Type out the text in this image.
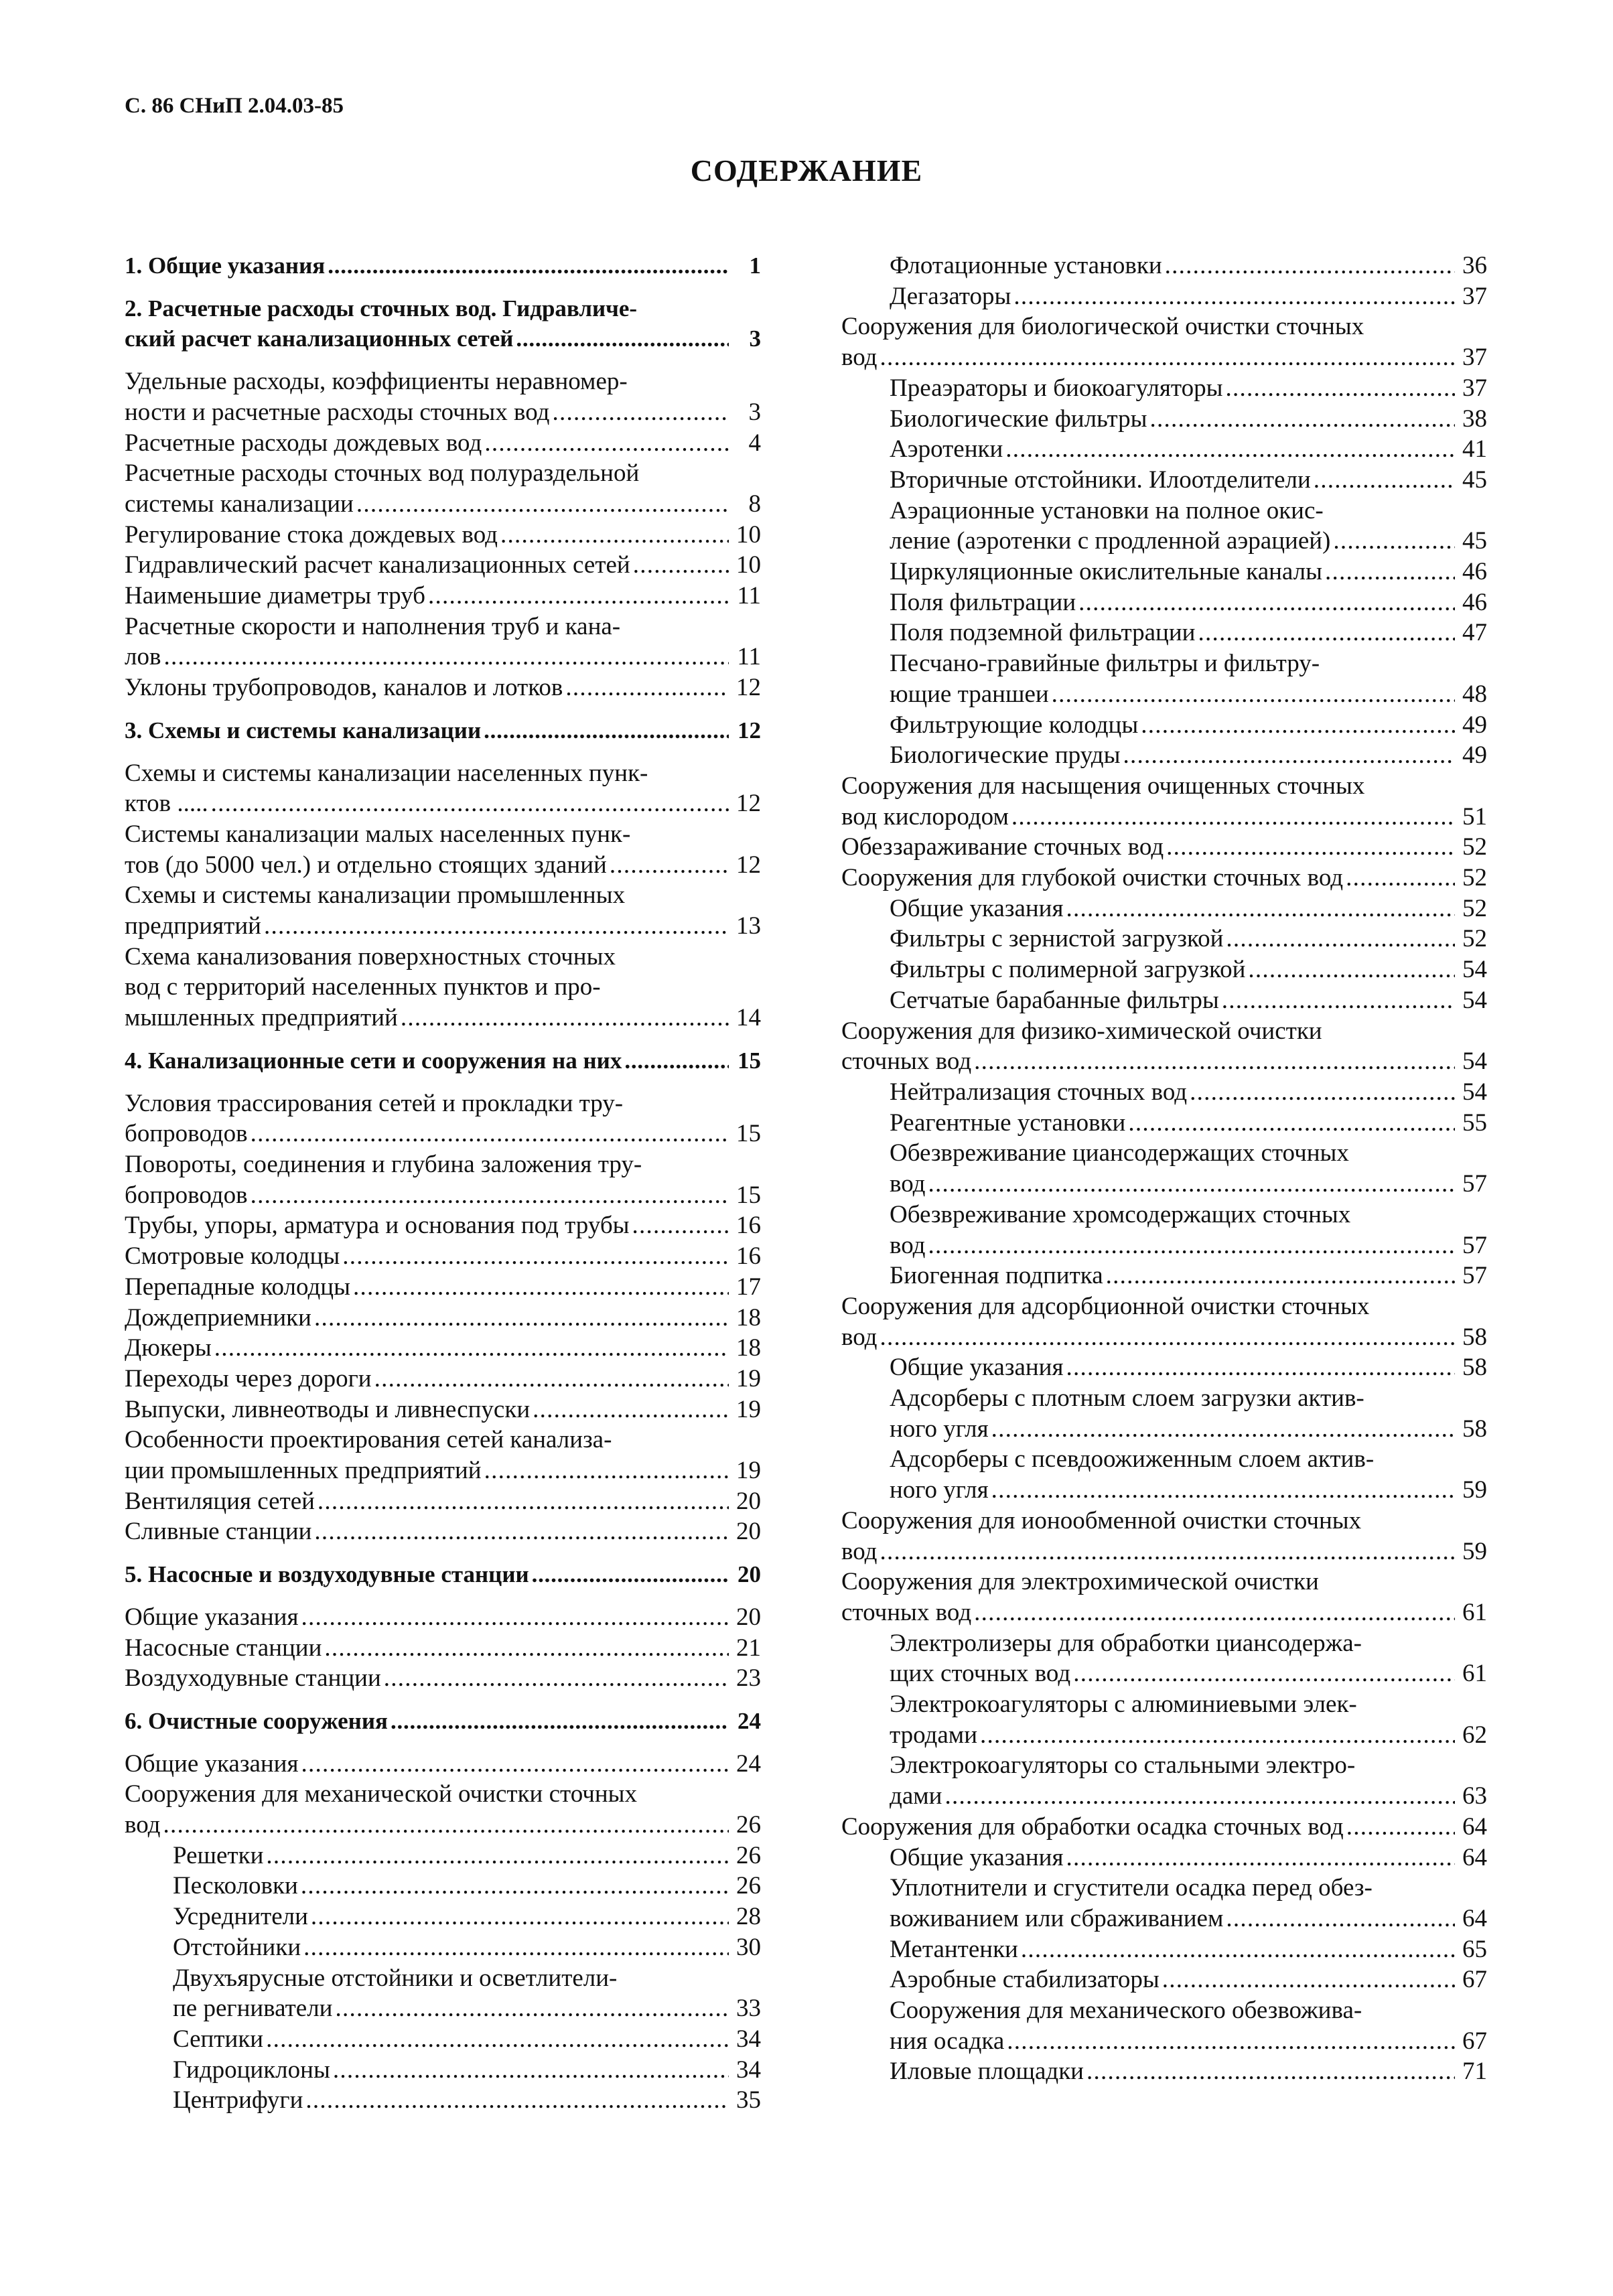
С. 86 СНиП 2.04.03-85
СОДЕРЖАНИЕ
1. Общие указания . . .	1
2. Расчетные расходы сточных вод. Гидравличе-
ский расчет канализационных сетей . . .	3
Удельные расходы, коэффициенты неравномер-
ности и расчетные расходы сточных вод . . .	3
Расчетные расходы дождевых вод . . .	4
Расчетные расходы сточных вод полураздельной
системы канализации . . .	8
Регулирование стока дождевых вод . . .	10
Гидравлический расчет канализационных сетей . . .	10
Наименьшие диаметры труб . . .	11
Расчетные скорости и наполнения труб и кана-
лов . . .	11
Уклоны трубопроводов, каналов и лотков . . .	12
3. Схемы и системы канализации . . .	12
Схемы и системы канализации населенных пунк-
ктов ..... . . .	12
Системы канализации малых населенных пунк-
тов (до 5000 чел.) и отдельно стоящих зданий . . .	12
Схемы и системы канализации промышленных
предприятий . . .	13
Схема канализования поверхностных сточных
вод с территорий населенных пунктов и про-
мышленных предприятий . . .	14
4. Канализационные сети и сооружения на них . . .	15
Условия трассирования сетей и прокладки тру-
бопроводов . . .	15
Повороты, соединения и глубина заложения тру-
бопроводов . . .	15
Трубы, упоры, арматура и основания под трубы . . .	16
Смотровые колодцы . . .	16
Перепадные колодцы . . .	17
Дождеприемники . . .	18
Дюкеры . . .	18
Переходы через дороги . . .	19
Выпуски, ливнеотводы и ливнеспуски . . .	19
Особенности проектирования сетей канализа-
ции промышленных предприятий . . .	19
Вентиляция сетей . . .	20
Сливные станции . . .	20
5. Насосные и воздуходувные станции . . .	20
Общие указания . . .	20
Насосные станции . . .	21
Воздуходувные станции . . .	23
6. Очистные сооружения . . .	24
Общие указания . . .	24
Сооружения для механической очистки сточных
вод . . .	26
Решетки . . .	26
Песколовки . . .	26
Усреднители . . .	28
Отстойники . . .	30
Двухъярусные отстойники и осветлители-
пе регниватели . . .	33
Септики . . .	34
Гидроциклоны . . .	34
Центрифуги . . .	35
Флотационные установки . . .	36
Дегазаторы . . .	37
Сооружения для биологической очистки сточных
вод . . .	37
Преаэраторы и биокоагуляторы . . .	37
Биологические фильтры . . .	38
Аэротенки . . .	41
Вторичные отстойники. Илоотделители . . .	45
Аэрационные установки на полное окис-
ление (аэротенки с продленной аэрацией) . . .	45
Циркуляционные окислительные каналы . . .	46
Поля фильтрации . . .	46
Поля подземной фильтрации . . .	47
Песчано-гравийные фильтры и фильтру-
ющие траншеи . . .	48
Фильтрующие колодцы . . .	49
Биологические пруды . . .	49
Сооружения для насыщения очищенных сточных
вод кислородом . . .	51
Обеззараживание сточных вод . . .	52
Сооружения для глубокой очистки сточных вод . . .	52
Общие указания . . .	52
Фильтры с зернистой загрузкой . . .	52
Фильтры с полимерной загрузкой . . .	54
Сетчатые барабанные фильтры . . .	54
Сооружения для физико-химической очистки
сточных вод . . .	54
Нейтрализация сточных вод . . .	54
Реагентные установки . . .	55
Обезвреживание циансодержащих сточных
вод . . .	57
Обезвреживание хромсодержащих сточных
вод . . .	57
Биогенная подпитка . . .	57
Сооружения для адсорбционной очистки сточных
вод . . .	58
Общие указания . . .	58
Адсорберы с плотным слоем загрузки актив-
ного угля . . .	58
Адсорберы с псевдоожиженным слоем актив-
ного угля . . .	59
Сооружения для ионообменной очистки сточных
вод . . .	59
Сооружения для электрохимической очистки
сточных вод . . .	61
Электролизеры для обработки циансодержа-
щих сточных вод . . .	61
Электрокоагуляторы с алюминиевыми элек-
тродами . . .	62
Электрокоагуляторы со стальными электро-
дами . . .	63
Сооружения для обработки осадка сточных вод . . .	64
Общие указания . . .	64
Уплотнители и сгустители осадка перед обез-
воживанием или сбраживанием . . .	64
Метантенки . . .	65
Аэробные стабилизаторы . . .	67
Сооружения для механического обезвожива-
ния осадка . . .	67
Иловые площадки . . .	71
